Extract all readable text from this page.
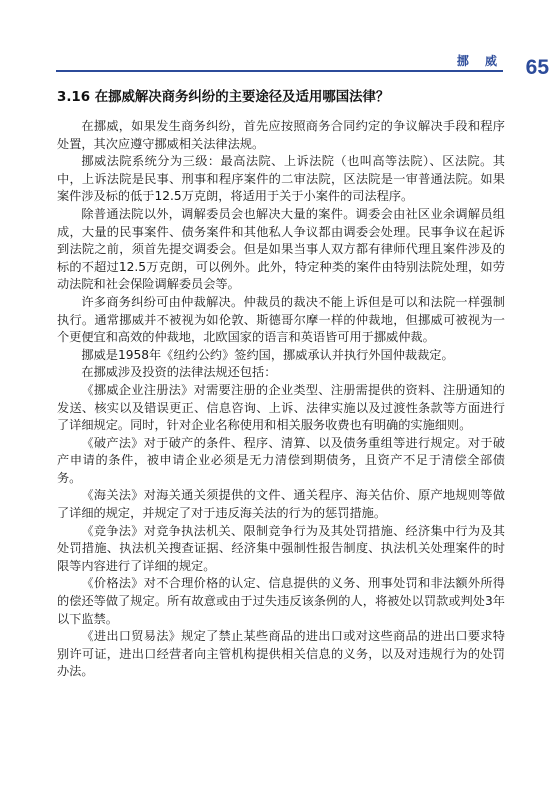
挪 威 65
3.16 在挪威解决商务纠纷的主要途径及适用哪国法律？

在挪威，如果发生商务纠纷，首先应按照商务合同约定的争议解决手段和程序处置，其次应遵守挪威相关法律法规。

挪威法院系统分为三级：最高法院、上诉法院（也叫高等法院）、区法院。其中，上诉法院是民事、刑事和程序案件的二审法院，区法院是一审普通法院。如果案件涉及标的低于12.5万克朗，将适用于关于小案件的司法程序。

除普通法院以外，调解委员会也解决大量的案件。调委会由社区业余调解员组成，大量的民事案件、债务案件和其他私人争议都由调委会处理。民事争议在起诉到法院之前，须首先提交调委会。但是如果当事人双方都有律师代理且案件涉及的标的不超过12.5万克朗，可以例外。此外，特定种类的案件由特别法院处理，如劳动法院和社会保险调解委员会等。

许多商务纠纷可由仲裁解决。仲裁员的裁决不能上诉但是可以和法院一样强制执行。通常挪威并不被视为如伦敦、斯德哥尔摩一样的仲裁地，但挪威可被视为一个更便宜和高效的仲裁地，北欧国家的语言和英语皆可用于挪威仲裁。

挪威是1958年《纽约公约》签约国，挪威承认并执行外国仲裁裁定。

在挪威涉及投资的法律法规还包括：

《挪威企业注册法》对需要注册的企业类型、注册需提供的资料、注册通知的发送、核实以及错误更正、信息咨询、上诉、法律实施以及过渡性条款等方面进行了详细规定。同时，针对企业名称使用和相关服务收费也有明确的实施细则。

《破产法》对于破产的条件、程序、清算、以及债务重组等进行规定。对于破产申请的条件，被申请企业必须是无力清偿到期债务，且资产不足于清偿全部债务。

《海关法》对海关通关须提供的文件、通关程序、海关估价、原产地规则等做了详细的规定，并规定了对于违反海关法的行为的惩罚措施。

《竞争法》对竞争执法机关、限制竞争行为及其处罚措施、经济集中行为及其处罚措施、执法机关搜查证据、经济集中强制性报告制度、执法机关处理案件的时限等内容进行了详细的规定。

《价格法》对不合理价格的认定、信息提供的义务、刑事处罚和非法额外所得的偿还等做了规定。所有故意或由于过失违反该条例的人，将被处以罚款或判处3年以下监禁。

《进出口贸易法》规定了禁止某些商品的进出口或对这些商品的进出口要求特别许可证，进出口经营者向主管机构提供相关信息的义务，以及对违规行为的处罚办法。
